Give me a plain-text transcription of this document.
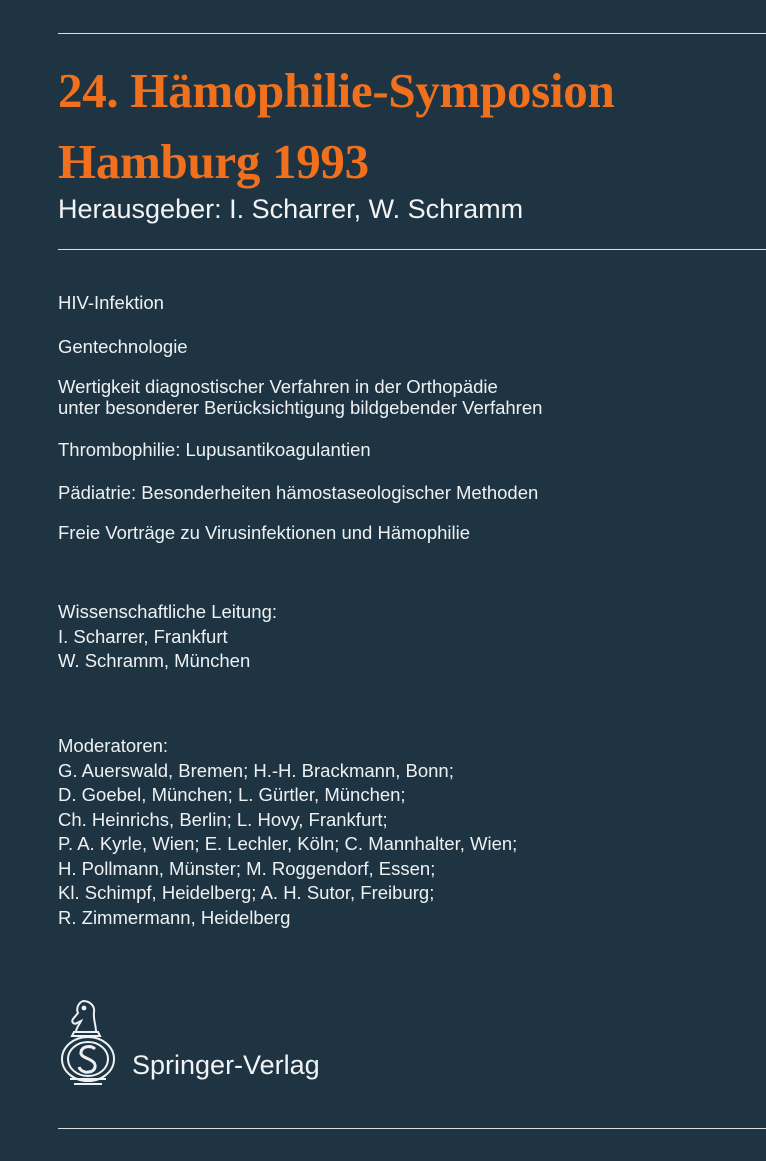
24. Hämophilie-Symposion
Hamburg 1993
Herausgeber: I. Scharrer, W. Schramm
HIV-Infektion
Gentechnologie
Wertigkeit diagnostischer Verfahren in der Orthopädie
unter besonderer Berücksichtigung bildgebender Verfahren
Thrombophilie: Lupusantikoagulantien
Pädiatrie: Besonderheiten hämostaseologischer Methoden
Freie Vorträge zu Virusinfektionen und Hämophilie
Wissenschaftliche Leitung:
I. Scharrer, Frankfurt
W. Schramm, München
Moderatoren:
G. Auerswald, Bremen; H.-H. Brackmann, Bonn;
D. Goebel, München; L. Gürtler, München;
Ch. Heinrichs, Berlin; L. Hovy, Frankfurt;
P. A. Kyrle, Wien; E. Lechler, Köln; C. Mannhalter, Wien;
H. Pollmann, Münster; M. Roggendorf, Essen;
Kl. Schimpf, Heidelberg; A. H. Sutor, Freiburg;
R. Zimmermann, Heidelberg
Springer-Verlag
